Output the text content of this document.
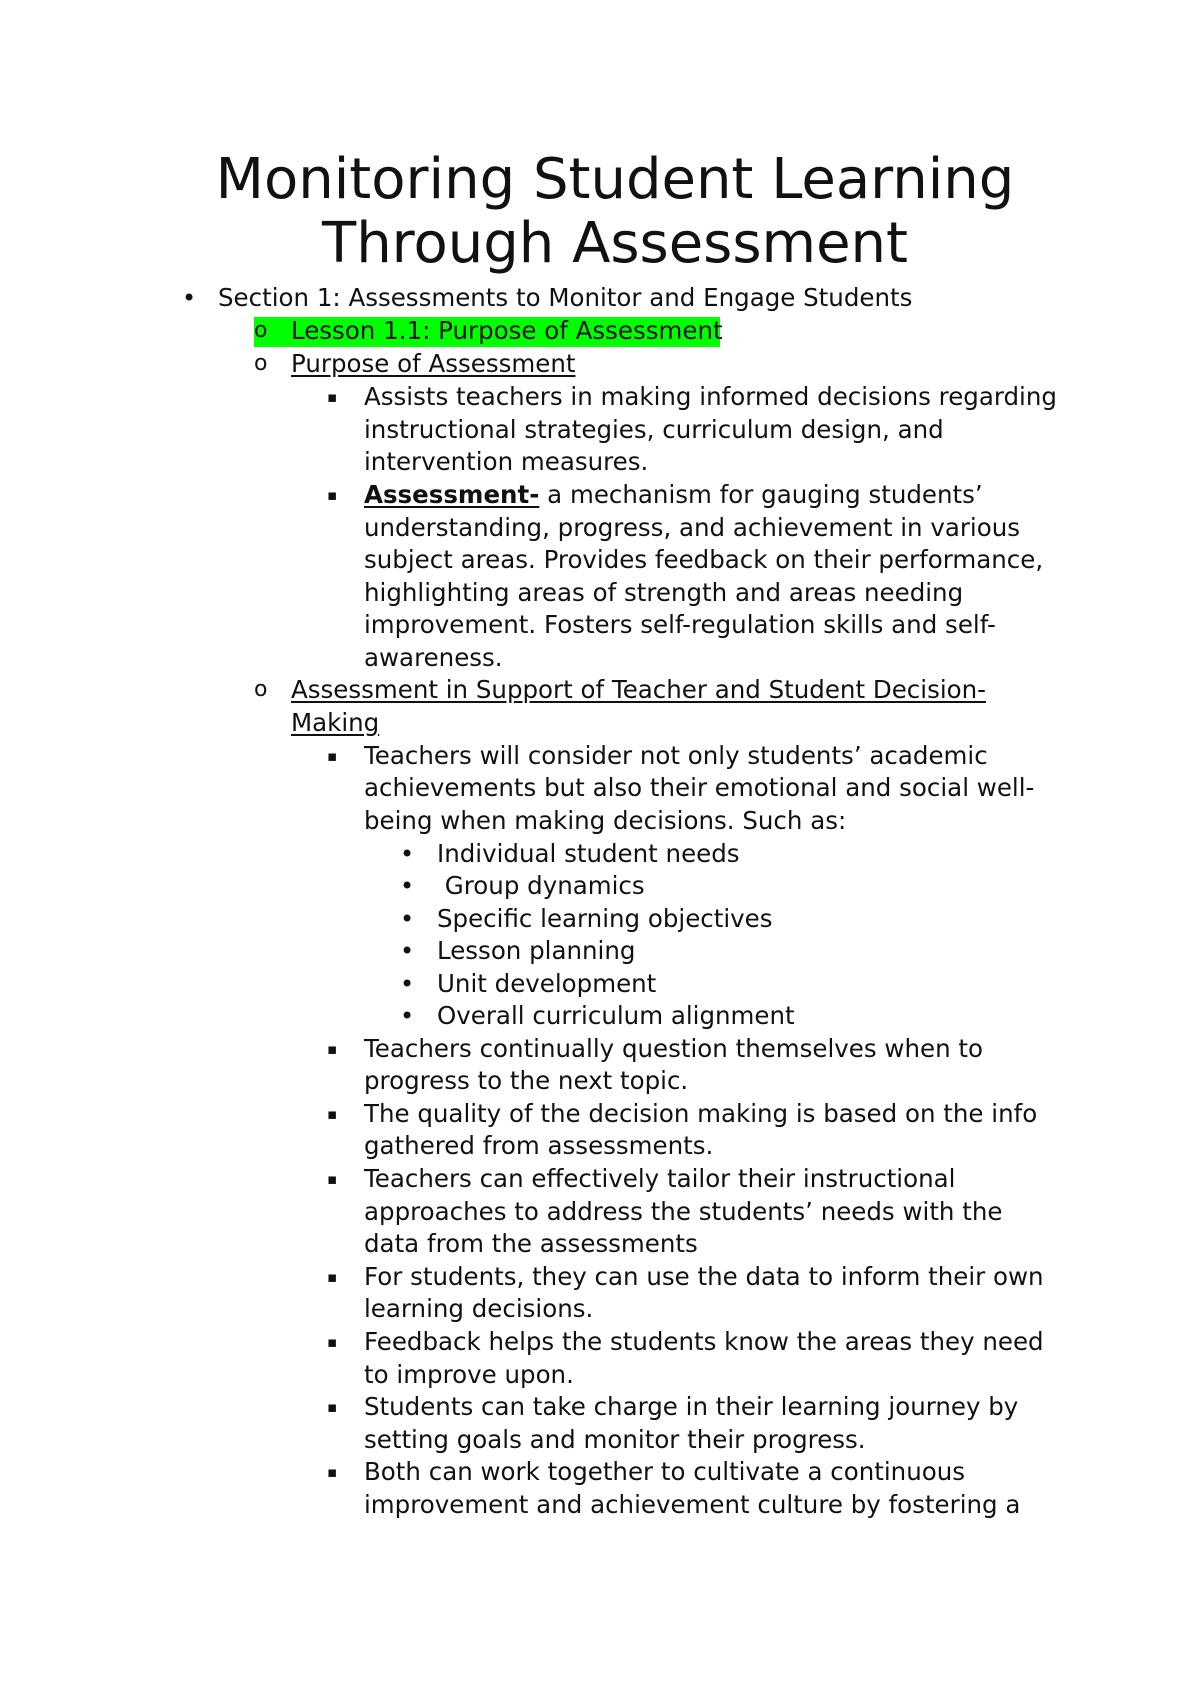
Monitoring Student Learning
Through Assessment
• Section 1: Assessments to Monitor and Engage Students
o Lesson 1.1: Purpose of Assessment
o Purpose of Assessment
▪ Assists teachers in making informed decisions regarding
instructional strategies, curriculum design, and
intervention measures.
▪ Assessment- a mechanism for gauging students’
understanding, progress, and achievement in various
subject areas. Provides feedback on their performance,
highlighting areas of strength and areas needing
improvement. Fosters self-regulation skills and self-
awareness.
o Assessment in Support of Teacher and Student Decision-
Making
▪ Teachers will consider not only students’ academic
achievements but also their emotional and social well-
being when making decisions. Such as:
• Individual student needs
• Group dynamics
• Specific learning objectives
• Lesson planning
• Unit development
• Overall curriculum alignment
▪ Teachers continually question themselves when to
progress to the next topic.
▪ The quality of the decision making is based on the info
gathered from assessments.
▪ Teachers can effectively tailor their instructional
approaches to address the students’ needs with the
data from the assessments
▪ For students, they can use the data to inform their own
learning decisions.
▪ Feedback helps the students know the areas they need
to improve upon.
▪ Students can take charge in their learning journey by
setting goals and monitor their progress.
▪ Both can work together to cultivate a continuous
improvement and achievement culture by fostering a
